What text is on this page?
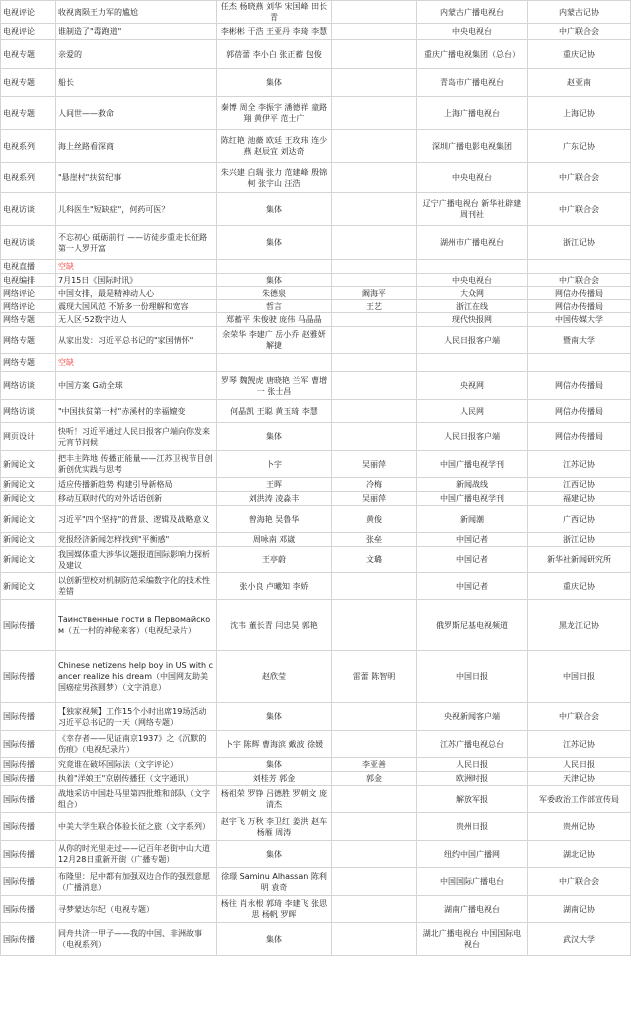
电视评论	收视离陨王力军的尴尬	任杰 杨晓燕 刘华 宋国峰 田长青		内蒙古广播电视台	内蒙古记协
电视评论	谁制造了"毒跑道"	李彬彬 于浩 王亚丹 李琦 李慧		中央电视台	中广联合会
电视专题	亲爱的	郭蓓蕾 李小白 张正蓄 包俊		重庆广播电视集团（总台）	重庆记协
电视专题	船长	集体		青岛市广播电视台	赵亚南
电视专题	人间世——救命	秦博 周全 李振宇 潘德祥 童路翔 黄伊平 范士广		上海广播电视台	上海记协
电视系列	海上丝路看深商	陈红艳 池薇 欧廷 王玫玮 连少燕 赵辰宜 刘达奇		深圳广播电影电视集团	广东记协
电视系列	"悬崖村"扶贫纪事	朱兴建 白瑞 张力 范建峰 殷锦柯 张宇山 汪浩		中央电视台	中广联合会
电视访谈	儿科医生"短缺症"，何药可医？	集体		辽宁广播电视台 新华社辟建周刊社	中广联合会
电视访谈	不忘初心 砥砺前行 ——访徒步重走长征路第一人罗开富	集体		湖州市广播电视台	浙江记协
电视直播	空缺				
电视编排	7月15日《国际时讯》	集体		中央电视台	中广联合会
网络评论	中国女排，最是精神动人心	朱德泉	阚海平	大众网	网信办传播局
网络评论	震现大国风范 不矫多一份理解和宽容	哲言	王艺	浙江在线	网信办传播局
网络专题	无人区·52数字边人	郑蓄平 朱俊驶 庞伟 马晶晶		现代快报网	中国传媒大学
网络专题	从家出发：习近平总书记的"家国情怀"	余荣华 李建广 岳小乔 赵雅妍 解捷		人民日报客户端	暨南大学
网络专题	空缺				
网络访谈	中国方案 G动全球	罗琴 魏觊虎 唐晓艳 兰军 曹增一 张士昌		央视网	网信办传播局
网络访谈	"中国扶贫第一村"赤溪村的幸福嬗变	何晶凯 王聪 黄玉琦 李慧		人民网	网信办传播局
网页设计	快听！习近平通过人民日报客户端向你发来元宵节问候	集体		人民日报客户端	网信办传播局
新闻论文	把丰主阵地 传播正能量——江苏卫视节目创新创优实践与思考	卜宇	吴丽萍	中国广播电视学刊	江苏记协
新闻论文	适应传播新趋势 构建引导新格局	王晖	冷梅	新闻战线	江西记协
新闻论文	移动互联时代的对外话语创新	刘洪涛 凌淼丰	吴丽萍	中国广播电视学刊	福建记协
新闻论文	习近平"四个坚持"的背景、逻辑及战略意义	曾海艳 吴鲁华	黄俊	新闻潮	广西记协
新闻论文	党报经济新闻怎样找到"平衡感"	周咏南 邓崴	张垒	中国记者	浙江记协
新闻论文	我国媒体重大涉华议题报道国际影响力探析及建议	王亭蔚	文璐	中国记者	新华社新闻研究所
新闻论文	以创新型校对机制防范采编数字化的技术性差错	张小良 卢曦知 李娇		中国记者	重庆记协
国际传播	Таинственные гости в Первомайском（五一村的神秘来客）（电视纪录片）	沈韦 董长青 闫忠昊 郭艳		俄罗斯尼基电视频道	黑龙江记协
国际传播	Chinese netizens help boy in US with cancer realize his dream（中国网友助美国癌症男孩圆梦）（文字消息）	赵欣莹	雷蕾 陈智明	中国日报	中国日报
国际传播	【独家视频】工作15个小时出席19场活动 习近平总书记的一天（网络专题）	集体		央视新闻客户端	中广联合会
国际传播	《幸存者——见证南京1937》之《沉默的伤痕》（电视纪录片）	卜宇 陈辉 曹海滨 戴波 徐媛		江苏广播电视总台	江苏记协
国际传播	究竟谁在破坏国际法（文字评论）	集体	李亚善	人民日报	人民日报
国际传播	执着"洋娘王"京剧传播狂（文字通讯）	刘桂芳 郭金	郭金	欧洲时报	天津记协
国际传播	战地采访中国赴马里第四批维和部队（文字组合）	杨祖荣 罗铮 吕德胜 罗朝文 庞清杰		解放军报	军委政治工作部宣传局
国际传播	中美大学生联合体验长征之旅（文字系列）	赵宇飞 万秋 李卫红 姜洪 赵车 杨雁 周涛		贵州日报	贵州记协
国际传播	从你的时光里走过——记百年老街中山大道12月28日重新开街（广播专题）	集体		纽约中国广播网	湖北记协
国际传播	布隆里：尼中都有加强双边合作的强烈意愿（广播消息）	徐璟 Saminu Alhassan 陈利明 袁奇		中国国际广播电台	中广联合会
国际传播	寻梦蒙达尔纪（电视专题）	杨往 肖永根 郭琦 李建飞 张思思 杨帆 罗晖		湖南广播电视台	湖南记协
国际传播	同舟共济一甲子——我的中国、非洲故事（电视系列）	集体		湖北广播电视台 中国国际电视台	武汉大学
